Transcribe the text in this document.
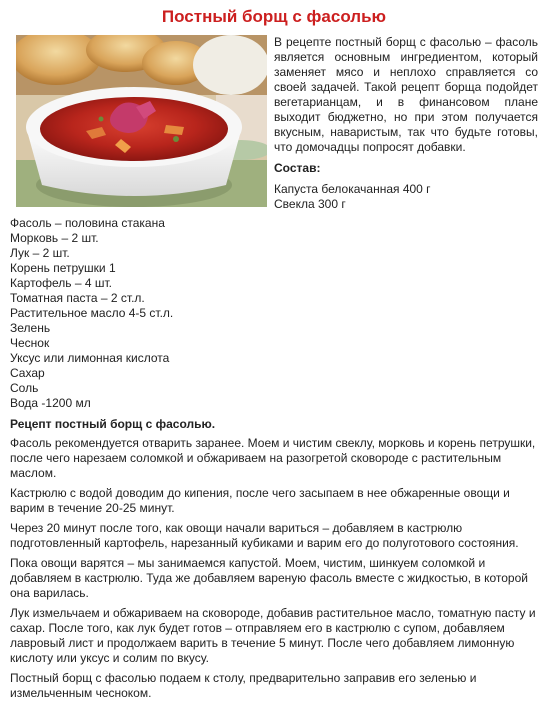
Постный борщ с фасолью

В рецепте постный борщ с фасолью – фасоль является основным ингредиентом, который заменяет мясо и неплохо справляется со своей задачей. Такой рецепт борща подойдет вегетарианцам, и в финансовом плане выходит бюджетно, но при этом получается вкусным, наваристым, так что будьте готовы, что домочадцы попросят добавки.

Состав:
Капуста белокачанная 400 г
Свекла 300 г
Фасоль – половина стакана
Морковь – 2 шт.
Лук – 2 шт.
Корень петрушки 1
Картофель – 4 шт.
Томатная паста – 2 ст.л.
Растительное масло 4-5 ст.л.
Зелень
Чеснок
Уксус или лимонная кислота
Сахар
Соль
Вода -1200 мл
Рецепт постный борщ с фасолью.

Фасоль рекомендуется отварить заранее. Моем и чистим свеклу, морковь и корень петрушки, после чего нарезаем соломкой и обжариваем на разогретой сковороде с растительным маслом.

Кастрюлю с водой доводим до кипения, после чего засыпаем в нее обжаренные овощи и варим в течение 20-25 минут.

Через 20 минут после того, как овощи начали вариться – добавляем в кастрюлю подготовленный картофель, нарезанный кубиками и варим его до полуготового состояния.

Пока овощи варятся – мы занимаемся капустой. Моем, чистим, шинкуем соломкой и добавляем в кастрюлю. Туда же добавляем вареную фасоль вместе с жидкостью, в которой она варилась.

Лук измельчаем и обжариваем на сковороде, добавив растительное масло, томатную пасту и сахар. После того, как лук будет готов – отправляем его в кастрюлю с супом, добавляем лавровый лист и продолжаем варить в течение 5 минут. После чего добавляем лимонную кислоту или уксус и солим по вкусу.

Постный борщ с фасолью подаем к столу, предварительно заправив его зеленью и измельченным чесноком.
